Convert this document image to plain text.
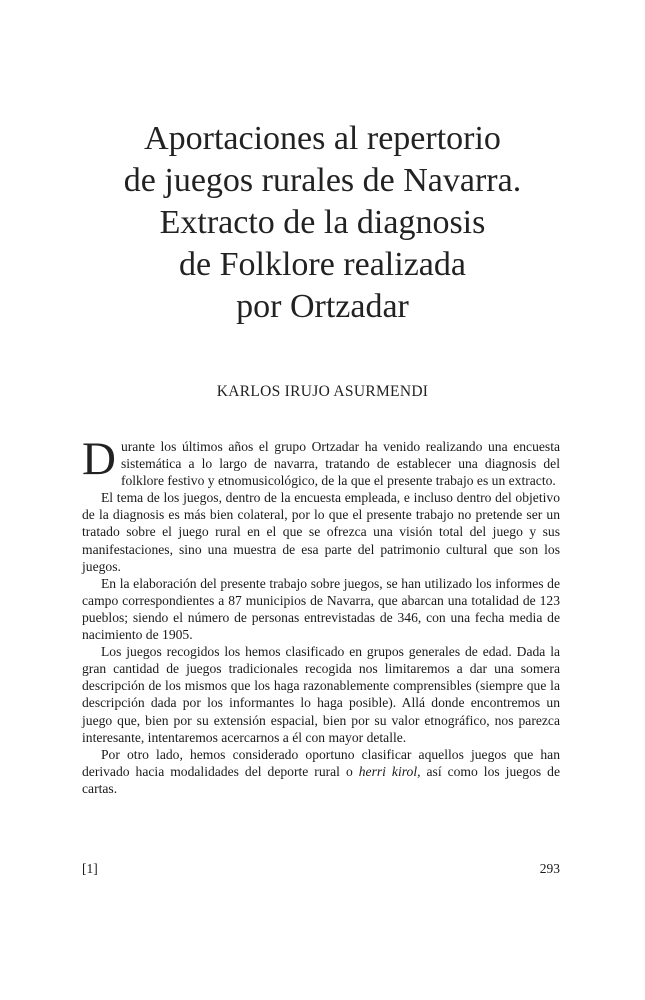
Aportaciones al repertorio
de juegos rurales de Navarra.
Extracto de la diagnosis
de Folklore realizada
por Ortzadar

KARLOS IRUJO ASURMENDI

Durante los últimos años el grupo Ortzadar ha venido realizando una encuesta sistemática a lo largo de navarra, tratando de establecer una diagnosis del folklore festivo y etnomusicológico, de la que el presente trabajo es un extracto.

El tema de los juegos, dentro de la encuesta empleada, e incluso dentro del objetivo de la diagnosis es más bien colateral, por lo que el presente trabajo no pretende ser un tratado sobre el juego rural en el que se ofrezca una visión total del juego y sus manifestaciones, sino una muestra de esa parte del patrimonio cultural que son los juegos.

En la elaboración del presente trabajo sobre juegos, se han utilizado los informes de campo correspondientes a 87 municipios de Navarra, que abarcan una totalidad de 123 pueblos; siendo el número de personas entrevistadas de 346, con una fecha media de nacimiento de 1905.

Los juegos recogidos los hemos clasificado en grupos generales de edad. Dada la gran cantidad de juegos tradicionales recogida nos limitaremos a dar una somera descripción de los mismos que los haga razonablemente comprensibles (siempre que la descripción dada por los informantes lo haga posible). Allá donde encontremos un juego que, bien por su extensión espacial, bien por su valor etnográfico, nos parezca interesante, intentaremos acercarnos a él con mayor detalle.

Por otro lado, hemos considerado oportuno clasificar aquellos juegos que han derivado hacia modalidades del deporte rural o herri kirol, así como los juegos de cartas.

[1]	293
